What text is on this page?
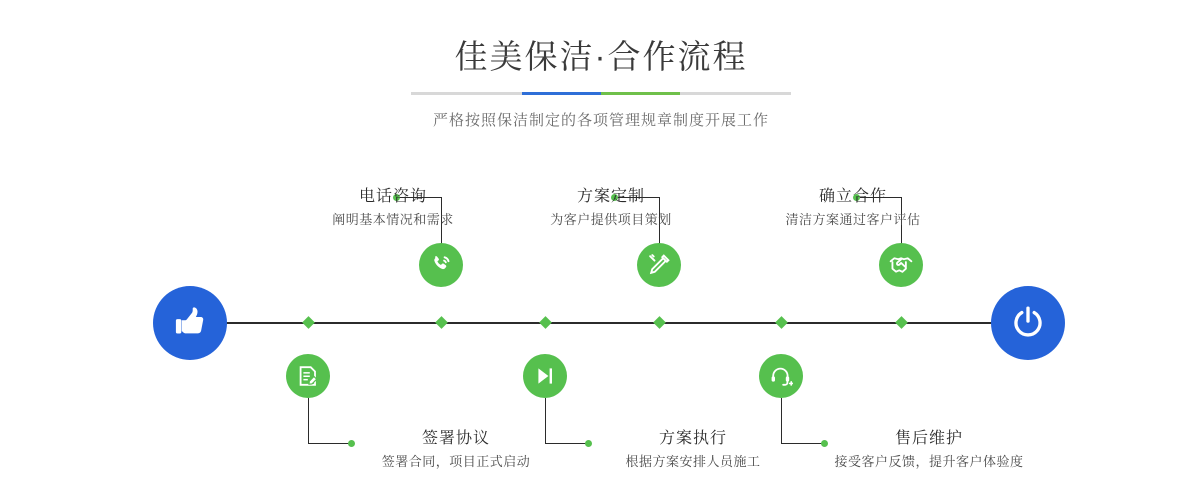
佳美保洁·合作流程
严格按照保洁制定的各项管理规章制度开展工作
电话咨询
阐明基本情况和需求
方案定制
为客户提供项目策划
确立合作
清洁方案通过客户评估
签署协议
签署合同，项目正式启动
方案执行
根据方案安排人员施工
售后维护
接受客户反馈，提升客户体验度
